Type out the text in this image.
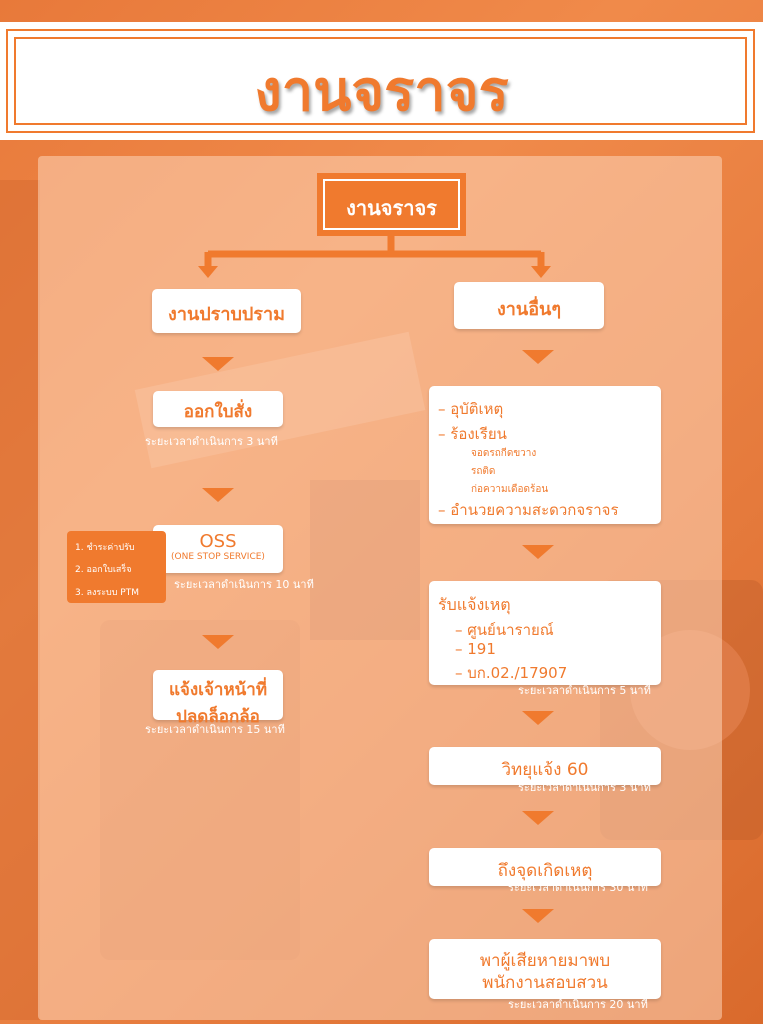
งานจราจร
งานจราจร
งานปราบปราม
ออกใบสั่ง
ระยะเวลาดำเนินการ 3 นาที
OSS
(ONE STOP SERVICE)
ระยะเวลาดำเนินการ 10 นาที
1. ชำระค่าปรับ
2. ออกใบเสร็จ
3. ลงระบบ PTM
แจ้งเจ้าหน้าที่
ปลดล็อกล้อ
ระยะเวลาดำเนินการ 15 นาที
งานอื่นๆ
– อุบัติเหตุ
– ร้องเรียน
จอดรถกีดขวาง
รถติด
ก่อความเดือดร้อน
– อำนวยความสะดวกจราจร
รับแจ้งเหตุ
– ศูนย์นารายณ์
– 191
– บก.02./17907
ระยะเวลาดำเนินการ 5 นาที
วิทยุแจ้ง 60
ระยะเวลาดำเนินการ 3 นาที
ถึงจุดเกิดเหตุ
ระยะเวลาดำเนินการ 30 นาที
พาผู้เสียหายมาพบ
พนักงานสอบสวน
ระยะเวลาดำเนินการ 20 นาที
